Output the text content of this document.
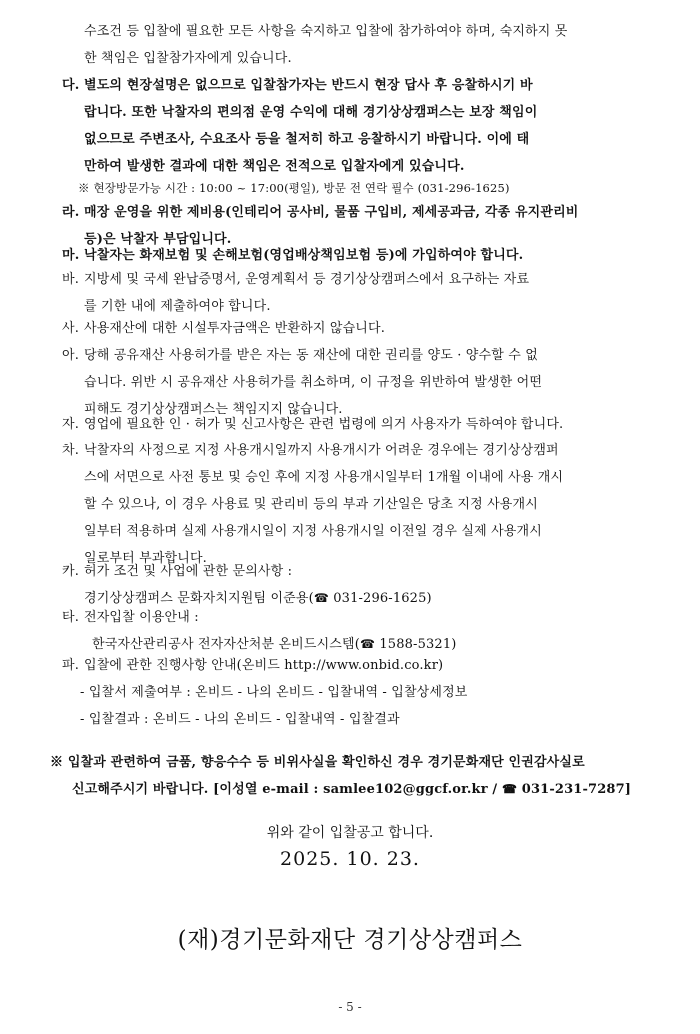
수조건 등 입찰에 필요한 모든 사항을 숙지하고 입찰에 참가하여야 하며, 숙지하지 못
한 책임은 입찰참가자에게 있습니다.
다. 별도의 현장설명은 없으므로 입찰참가자는 반드시 현장 답사 후 응찰하시기 바
랍니다. 또한 낙찰자의 편의점 운영 수익에 대해 경기상상캠퍼스는 보장 책임이
없으므로 주변조사, 수요조사 등을 철저히 하고 응찰하시기 바랍니다. 이에 태
만하여 발생한 결과에 대한 책임은 전적으로 입찰자에게 있습니다.
※ 현장방문가능 시간 : 10:00 ~ 17:00(평일), 방문 전 연락 필수 (031-296-1625)
라. 매장 운영을 위한 제비용(인테리어 공사비, 물품 구입비, 제세공과금, 각종 유지관리비
등)은 낙찰자 부담입니다.
마. 낙찰자는 화재보험 및 손해보험(영업배상책임보험 등)에 가입하여야 합니다.
바. 지방세 및 국세 완납증명서, 운영계획서 등 경기상상캠퍼스에서 요구하는 자료
를 기한 내에 제출하여야 합니다.
사. 사용재산에 대한 시설투자금액은 반환하지 않습니다.
아. 당해 공유재산 사용허가를 받은 자는 동 재산에 대한 권리를 양도 · 양수할 수 없
습니다. 위반 시 공유재산 사용허가를 취소하며, 이 규정을 위반하여 발생한 어떤
피해도 경기상상캠퍼스는 책임지지 않습니다.
자. 영업에 필요한 인 · 허가 및 신고사항은 관련 법령에 의거 사용자가 득하여야 합니다.
차. 낙찰자의 사정으로 지정 사용개시일까지 사용개시가 어려운 경우에는 경기상상캠퍼
스에 서면으로 사전 통보 및 승인 후에 지정 사용개시일부터 1개월 이내에 사용 개시
할 수 있으나, 이 경우 사용료 및 관리비 등의 부과 기산일은 당초 지정 사용개시
일부터 적용하며 실제 사용개시일이 지정 사용개시일 이전일 경우 실제 사용개시
일로부터 부과합니다.
카. 허가 조건 및 사업에 관한 문의사항 :
경기상상캠퍼스 문화자치지원팀 이준용(☎ 031-296-1625)
타. 전자입찰 이용안내 :
한국자산관리공사 전자자산처분 온비드시스템(☎ 1588-5321)
파. 입찰에 관한 진행사항 안내(온비드 http://www.onbid.co.kr)
- 입찰서 제출여부 : 온비드 - 나의 온비드 - 입찰내역 - 입찰상세정보
- 입찰결과 : 온비드 - 나의 온비드 - 입찰내역 - 입찰결과
※ 입찰과 관련하여 금품, 향응수수 등 비위사실을 확인하신 경우 경기문화재단 인권감사실로
신고해주시기 바랍니다. [이성열 e-mail : samlee102@ggcf.or.kr / ☎ 031-231-7287]
위와 같이 입찰공고 합니다.
2025. 10. 23.
(재)경기문화재단 경기상상캠퍼스
- 5 -
